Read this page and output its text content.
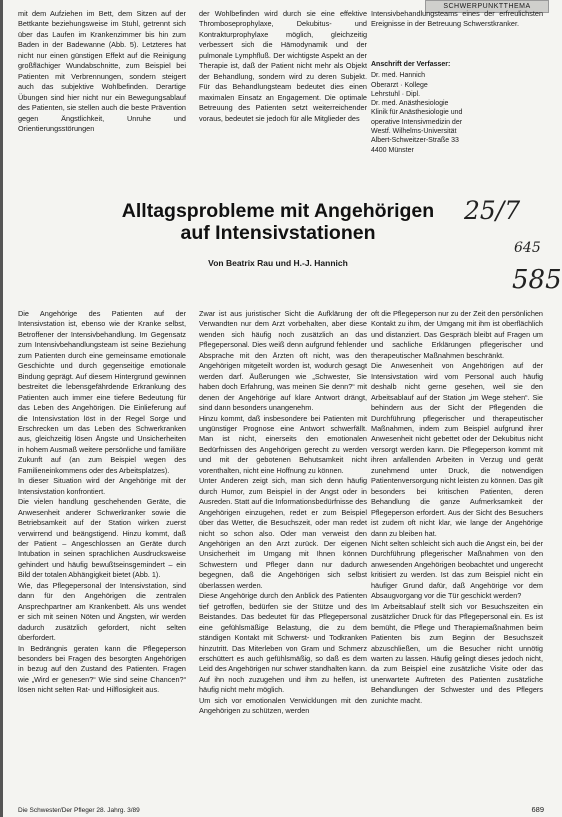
SCHWERPUNKTTHEMA
mit dem Aufziehen im Bett, dem Sitzen auf der Bettkante beziehungsweise im Stuhl, getrennt sich über das Laufen im Krankenzimmer bis hin zum Baden in der Badewanne (Abb. 5). Letzteres hat nicht nur einen günstigen Effekt auf die Reinigung großflächiger Wundabschnitte, zum Beispiel bei Patienten mit Verbrennungen, sondern steigert auch das subjektive Wohlbefinden. Derartige Übungen sind hier nicht nur ein Bewegungsablauf des Patienten, sie stellen auch die beste Prävention gegen Ängstlichkeit, Unruhe und Orientierungsstörungen
der Wohlbefinden wird durch sie eine effektive Thromboseprophylaxe, Dekubitus- und Kontrakturprophylaxe möglich, gleichzeitig verbessert sich die Hämodynamik und der pulmonale Lymphfluß. Der wichtigste Aspekt an der Therapie ist, daß der Patient nicht mehr als Objekt der Behandlung, sondern wird zu deren Subjekt. Für das Behandlungsteam bedeutet dies einen maximalen Einsatz an Engagement. Die optimale Betreuung des Patienten setzt weiterreichender voraus, bedeutet sie jedoch für alle Mitglieder des
Intensivbehandlungsteams eines der erfreulichsten Ereignisse in der Betreuung Schwerstkranker.
Anschrift der Verfasser:
Dr. med. Hannich
Oberarzt · Kollege
Lehrstuhl · Dipl.
Dr. med. Anästhesiologie
Klinik für Anästhesiologie und
operative Intensivmedizin der
Westf. Wilhelms-Universität
Albert-Schweitzer-Straße 33
4400 Münster
Alltagsprobleme mit Angehörigen
auf Intensivstationen
Von Beatrix Rau und H.-J. Hannich
25/7
645
585
Die Angehörige des Patienten auf der Intensivstation ist, ebenso wie der Kranke selbst, Betroffener der Intensivbehandlung. Im Gegensatz zum Intensivbehandlungsteam ist seine Beziehung zum Patienten durch eine gemeinsame emotionale Geschichte und durch gegenseitige emotionale Bindung geprägt. Auf diesem Hintergrund gewinnen bestreitet die lebensgefährdende Erkrankung des Patienten auch immer eine tiefere Bedeutung für das Leben des Angehörigen. Die Einlieferung auf die Intensivstation löst in der Regel Sorge und Erschrecken um das Leben des Schwerkranken aus, gleichzeitig lösen Ängste und Unsicherheiten in hohem Ausmaß weitere persönliche und familiäre Zukunft auf (an zum Beispiel wegen des Familieneinkommens oder des Arbeitsplatzes).
In dieser Situation wird der Angehörige mit der Intensivstation konfrontiert.
Die vielen handlung geschehenden Geräte, die Anwesenheit anderer Schwerkranker sowie die Betriebsamkeit auf der Station wirken zuerst verwirrend und beängstigend. Hinzu kommt, daß der Patient – Angeschlossen an Geräte durch Intubation in seinen sprachlichen Ausdrucksweise gehindert und häufig bewußtseinsgemindert – ein Bild der totalen Abhängigkeit bietet (Abb. 1).
Wie, das Pflegepersonal der Intensivstation, sind dann für den Angehörigen die zentralen Ansprechpartner am Krankenbett. Als uns wendet er sich mit seinen Nöten und Ängsten, wir werden dadurch zusätzlich gefordert, nicht selten überfordert.
In Bedrängnis geraten kann die Pflegeperson besonders bei Fragen des besorgten Angehörigen in bezug auf den Zustand des Patienten. Fragen wie „Wird er genesen?“ Wie sind seine Chancen?“ lösen nicht selten Rat- und Hilflosigkeit aus.
Zwar ist aus juristischer Sicht die Aufklärung der Verwandten nur dem Arzt vorbehalten, aber diese wenden sich häufig noch zusätzlich an das Pflegepersonal. Dies weiß denn aufgrund fehlender Absprache mit den Ärzten oft nicht, was den Angehörigen mitgeteilt worden ist, wodurch gesagt werden darf. Äußerungen wie „Schwester, Sie haben doch Erfahrung, was meinen Sie denn?“ mit denen der Angehörige auf klare Antwort drängt, sind dann besonders unangenehm.
Hinzu kommt, daß insbesondere bei Patienten mit ungünstiger Prognose eine Antwort schwerfällt. Man ist nicht, einerseits den emotionalen Bedürfnissen des Angehörigen gerecht zu werden und mit der gebotenen Behutsamkeit nicht vorenthalten, nicht eine Hoffnung zu können.
Unter Anderen zeigt sich, man sich denn häufig durch Humor, zum Beispiel in der Angst oder in Ausreden. Statt auf die Informationsbedürfnisse des Angehörigen einzugehen, redet er zum Beispiel über das Wetter, die Besuchszeit, oder man redet nicht so schon also. Oder man verweist den Angehörigen an den Arzt zurück. Der eigenen Unsicherheit im Umgang mit Ihnen können Schwestern und Pfleger dann nur dadurch begegnen, daß die Angehörigen sich selbst überlassen werden.
Diese Angehörige durch den Anblick des Patienten tief getroffen, bedürfen sie der Stütze und des Beistandes. Das bedeutet für das Pflegepersonal eine gefühlsmäßige Belastung, die zu dem ständigen Kontakt mit Schwerst- und Todkranken hinzutritt. Das Miterleben von Gram und Schmerz erschüttert es auch gefühlsmäßig, so daß es dem Leid des Angehörigen nur schwer standhalten kann. Auf ihn noch zuzugehen und ihm zu helfen, ist häufig nicht mehr möglich.
Um sich vor emotionalen Verwicklungen mit den Angehörigen zu schützen, werden
oft die Pflegeperson nur zu der Zeit den persönlichen Kontakt zu ihm, der Umgang mit ihm ist oberflächlich und distanziert. Das Gespräch bleibt auf Fragen um und sachliche Erklärungen pflegerischer und therapeutischer Maßnahmen beschränkt.
Die Anwesenheit von Angehörigen auf der Intensivstation wird vom Personal auch häufig deshalb nicht gerne gesehen, weil sie den Arbeitsablauf auf der Station „im Wege stehen“. Sie behindern aus der Sicht der Pflegenden die Durchführung pflegerischer und therapeutischer Maßnahmen, indem zum Beispiel aufgrund ihrer Anwesenheit nicht gebettet oder der Dekubitus nicht versorgt werden kann. Die Pflegeperson kommt mit ihren anfallenden Arbeiten in Verzug und gerät zunehmend unter Druck, die notwendigen Patientenversorgung nicht leisten zu können. Das gilt besonders bei kritischen Patienten, deren Behandlung die ganze Aufmerksamkeit der Pflegeperson erfordert. Aus der Sicht des Besuchers ist zudem oft nicht klar, wie lange der Angehörige dann zu bleiben hat.
Nicht selten schleicht sich auch die Angst ein, bei der Durchführung pflegerischer Maßnahmen von den anwesenden Angehörigen beobachtet und ungerecht kritisiert zu werden. Ist das zum Beispiel nicht ein häufiger Grund dafür, daß Angehörige vor dem Absaugvorgang vor die Tür geschickt werden?
Im Arbeitsablauf stellt sich vor Besuchszeiten ein zusätzlicher Druck für das Pflegepersonal ein. Es ist bemüht, die Pflege und Therapiemaßnahmen beim Patienten bis zum Beginn der Besuchszeit abzuschließen, um die Besucher nicht unnötig warten zu lassen. Häufig gelingt dieses jedoch nicht, da zum Beispiel eine zusätzliche Visite oder das unerwartete Auftreten des Patienten zusätzliche Behandlungen der Schwester und des Pflegers zunichte macht.
Die Schwester/Der Pfleger 28. Jahrg. 3/89	689
